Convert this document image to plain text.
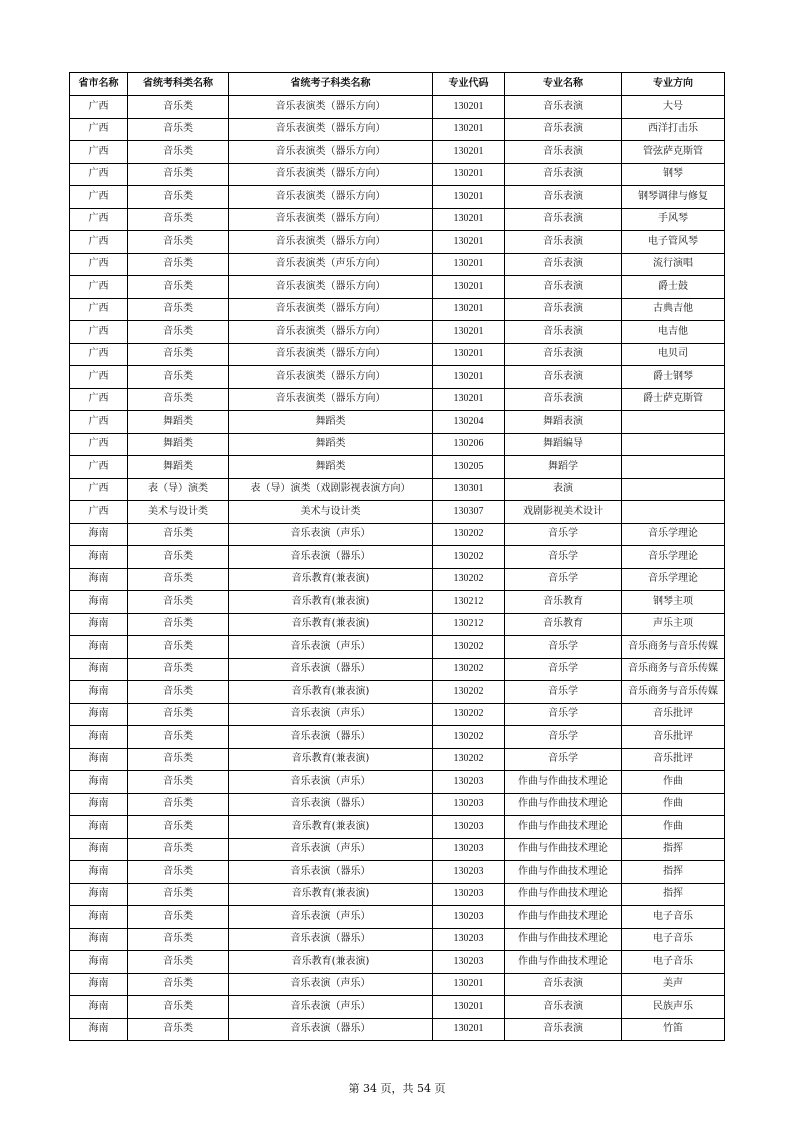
省市名称	省统考科类名称	省统考子科类名称	专业代码	专业名称	专业方向
广西	音乐类	音乐表演类（器乐方向）	130201	音乐表演	大号
广西	音乐类	音乐表演类（器乐方向）	130201	音乐表演	西洋打击乐
广西	音乐类	音乐表演类（器乐方向）	130201	音乐表演	管弦萨克斯管
广西	音乐类	音乐表演类（器乐方向）	130201	音乐表演	钢琴
广西	音乐类	音乐表演类（器乐方向）	130201	音乐表演	钢琴调律与修复
广西	音乐类	音乐表演类（器乐方向）	130201	音乐表演	手风琴
广西	音乐类	音乐表演类（器乐方向）	130201	音乐表演	电子管风琴
广西	音乐类	音乐表演类（声乐方向）	130201	音乐表演	流行演唱
广西	音乐类	音乐表演类（器乐方向）	130201	音乐表演	爵士鼓
广西	音乐类	音乐表演类（器乐方向）	130201	音乐表演	古典吉他
广西	音乐类	音乐表演类（器乐方向）	130201	音乐表演	电吉他
广西	音乐类	音乐表演类（器乐方向）	130201	音乐表演	电贝司
广西	音乐类	音乐表演类（器乐方向）	130201	音乐表演	爵士钢琴
广西	音乐类	音乐表演类（器乐方向）	130201	音乐表演	爵士萨克斯管
广西	舞蹈类	舞蹈类	130204	舞蹈表演	
广西	舞蹈类	舞蹈类	130206	舞蹈编导	
广西	舞蹈类	舞蹈类	130205	舞蹈学	
广西	表（导）演类	表（导）演类（戏剧影视表演方向）	130301	表演	
广西	美术与设计类	美术与设计类	130307	戏剧影视美术设计	
海南	音乐类	音乐表演（声乐）	130202	音乐学	音乐学理论
海南	音乐类	音乐表演（器乐）	130202	音乐学	音乐学理论
海南	音乐类	音乐教育(兼表演)	130202	音乐学	音乐学理论
海南	音乐类	音乐教育(兼表演)	130212	音乐教育	钢琴主项
海南	音乐类	音乐教育(兼表演)	130212	音乐教育	声乐主项
海南	音乐类	音乐表演（声乐）	130202	音乐学	音乐商务与音乐传媒
海南	音乐类	音乐表演（器乐）	130202	音乐学	音乐商务与音乐传媒
海南	音乐类	音乐教育(兼表演)	130202	音乐学	音乐商务与音乐传媒
海南	音乐类	音乐表演（声乐）	130202	音乐学	音乐批评
海南	音乐类	音乐表演（器乐）	130202	音乐学	音乐批评
海南	音乐类	音乐教育(兼表演)	130202	音乐学	音乐批评
海南	音乐类	音乐表演（声乐）	130203	作曲与作曲技术理论	作曲
海南	音乐类	音乐表演（器乐）	130203	作曲与作曲技术理论	作曲
海南	音乐类	音乐教育(兼表演)	130203	作曲与作曲技术理论	作曲
海南	音乐类	音乐表演（声乐）	130203	作曲与作曲技术理论	指挥
海南	音乐类	音乐表演（器乐）	130203	作曲与作曲技术理论	指挥
海南	音乐类	音乐教育(兼表演)	130203	作曲与作曲技术理论	指挥
海南	音乐类	音乐表演（声乐）	130203	作曲与作曲技术理论	电子音乐
海南	音乐类	音乐表演（器乐）	130203	作曲与作曲技术理论	电子音乐
海南	音乐类	音乐教育(兼表演)	130203	作曲与作曲技术理论	电子音乐
海南	音乐类	音乐表演（声乐）	130201	音乐表演	美声
海南	音乐类	音乐表演（声乐）	130201	音乐表演	民族声乐
海南	音乐类	音乐表演（器乐）	130201	音乐表演	竹笛
第 34 页，共 54 页
